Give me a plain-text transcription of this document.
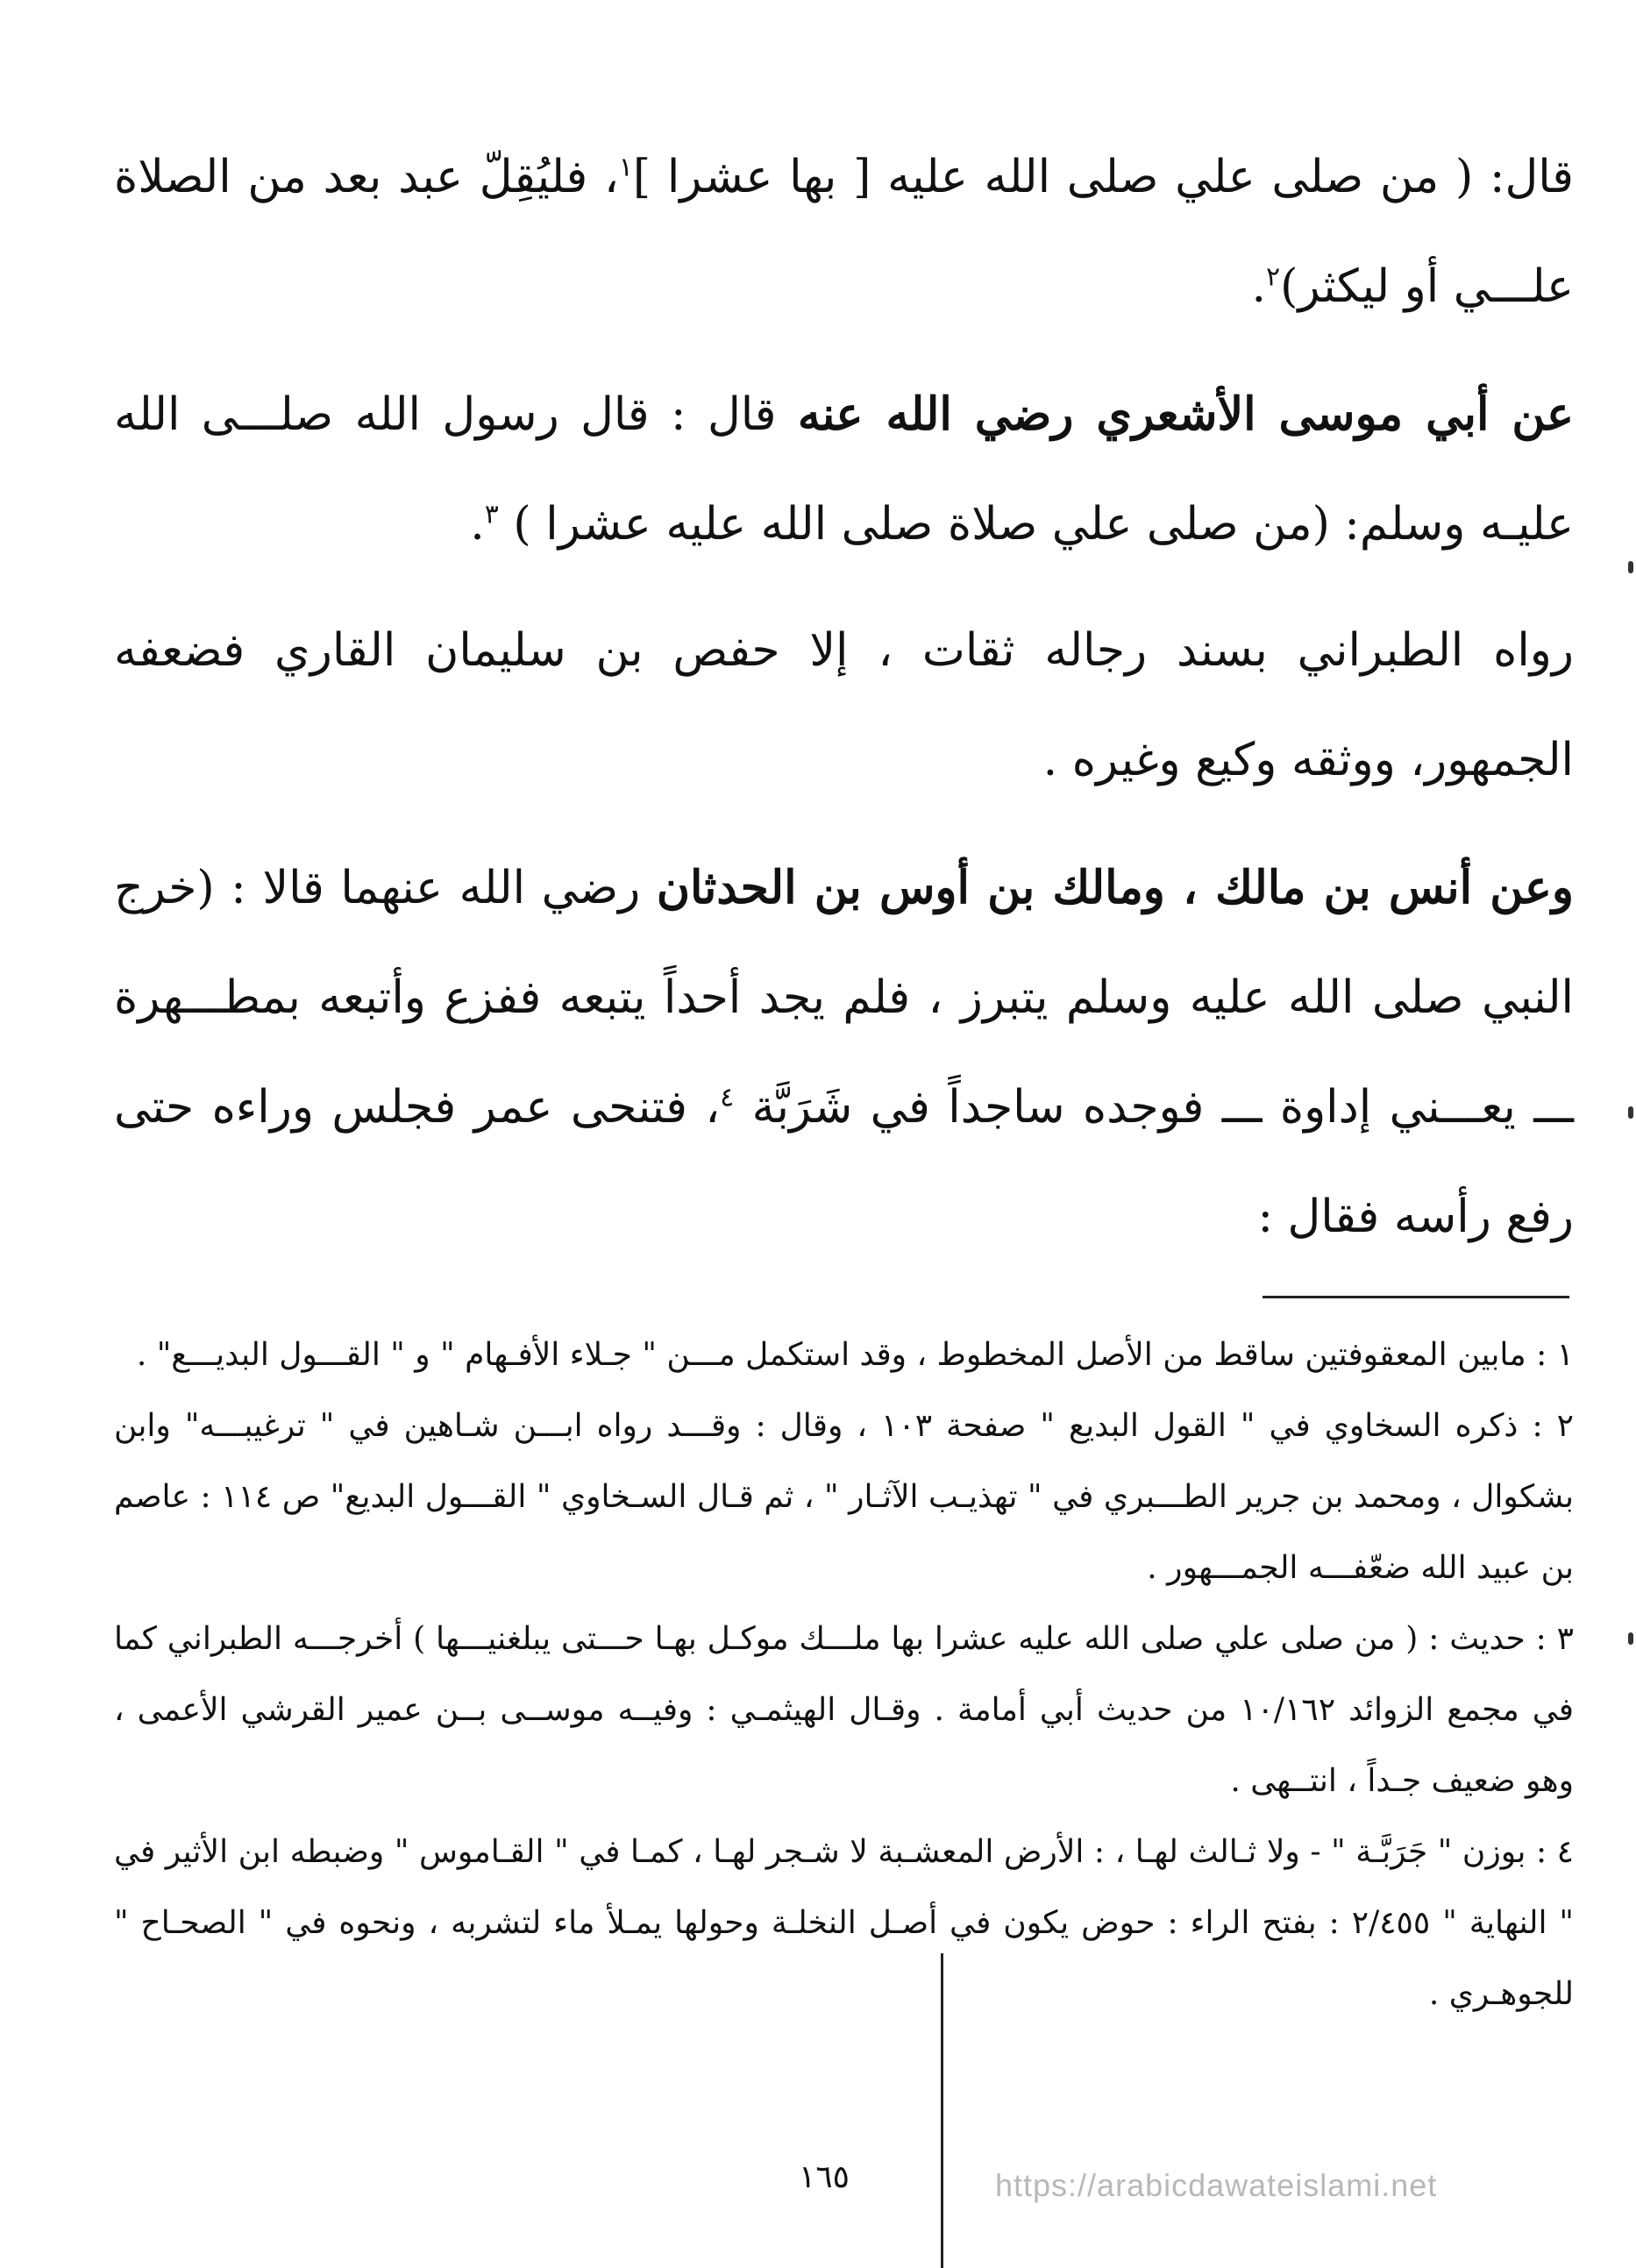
قال: ( من صلى علي صلى الله عليه [ بها عشرا ]$^١$، فليُقِلّ عبد بعد من الصلاة علـــي أو ليكثر)$^٢$.

عن أبي موسى الأشعري رضي الله عنه قال : قال رسول الله صلـــى الله عليـه وسلم: (من صلى علي صلاة صلى الله عليه عشرا ) $^٣$.

رواه الطبراني بسند رجاله ثقات ، إلا حفص بن سليمان القاري فضعفه الجمهور، ووثقه وكيع وغيره .

وعن أنس بن مالك ، ومالك بن أوس بن الحدثان رضي الله عنهما قالا : (خرج النبي صلى الله عليه وسلم يتبرز ، فلم يجد أحداً يتبعه ففزع وأتبعه بمطـــهرة ـــ يعـــني إداوة ـــ فوجده ساجداً في شَرَبَّة $^٤$، فتنحى عمر فجلس وراءه حتى رفع رأسه فقال :

١ : مابين المعقوفتين ساقط من الأصل المخطوط ، وقد استكمل مـــن " جـلاء الأفـهام " و " القـــول البديـــع" .

٢ : ذكره السخاوي في " القول البديع " صفحة ١٠٣ ، وقال : وقـــد رواه ابـــن شـاهين في " ترغيبـــه" وابن بشكوال ، ومحمد بن جرير الطـــبري في " تهذيـب الآثـار " ، ثم قـال السـخاوي " القـــول البديع" ص ١١٤ : عاصم بن عبيد الله ضعّفـــه الجمـــهور .

٣ : حديث : ( من صلى علي صلى الله عليه عشرا بها ملـــك موكـل بهـا حـــتى يبلغنيـــها ) أخرجـــه الطبراني كما في مجمع الزوائد ١٠/١٦٢ من حديث أبي أمامة . وقـال الهيثمـي : وفيــه موســى بــن عمير القرشي الأعمى ، وهو ضعيف جـداً ، انتــهى .

٤ : بوزن " جَرَبَّـة " - ولا ثـالث لهـا ، : الأرض المعشـبة لا شـجر لهـا ، كمـا في " القـاموس " وضبطه ابن الأثير في " النهاية " ٢/٤٥٥ : بفتح الراء : حوض يكون في أصـل النخلـة وحولها يمـلأ ماء لتشربه ، ونحوه في " الصحـاح " للجوهـري .

١٦٥	https://arabicdawateislami.net
